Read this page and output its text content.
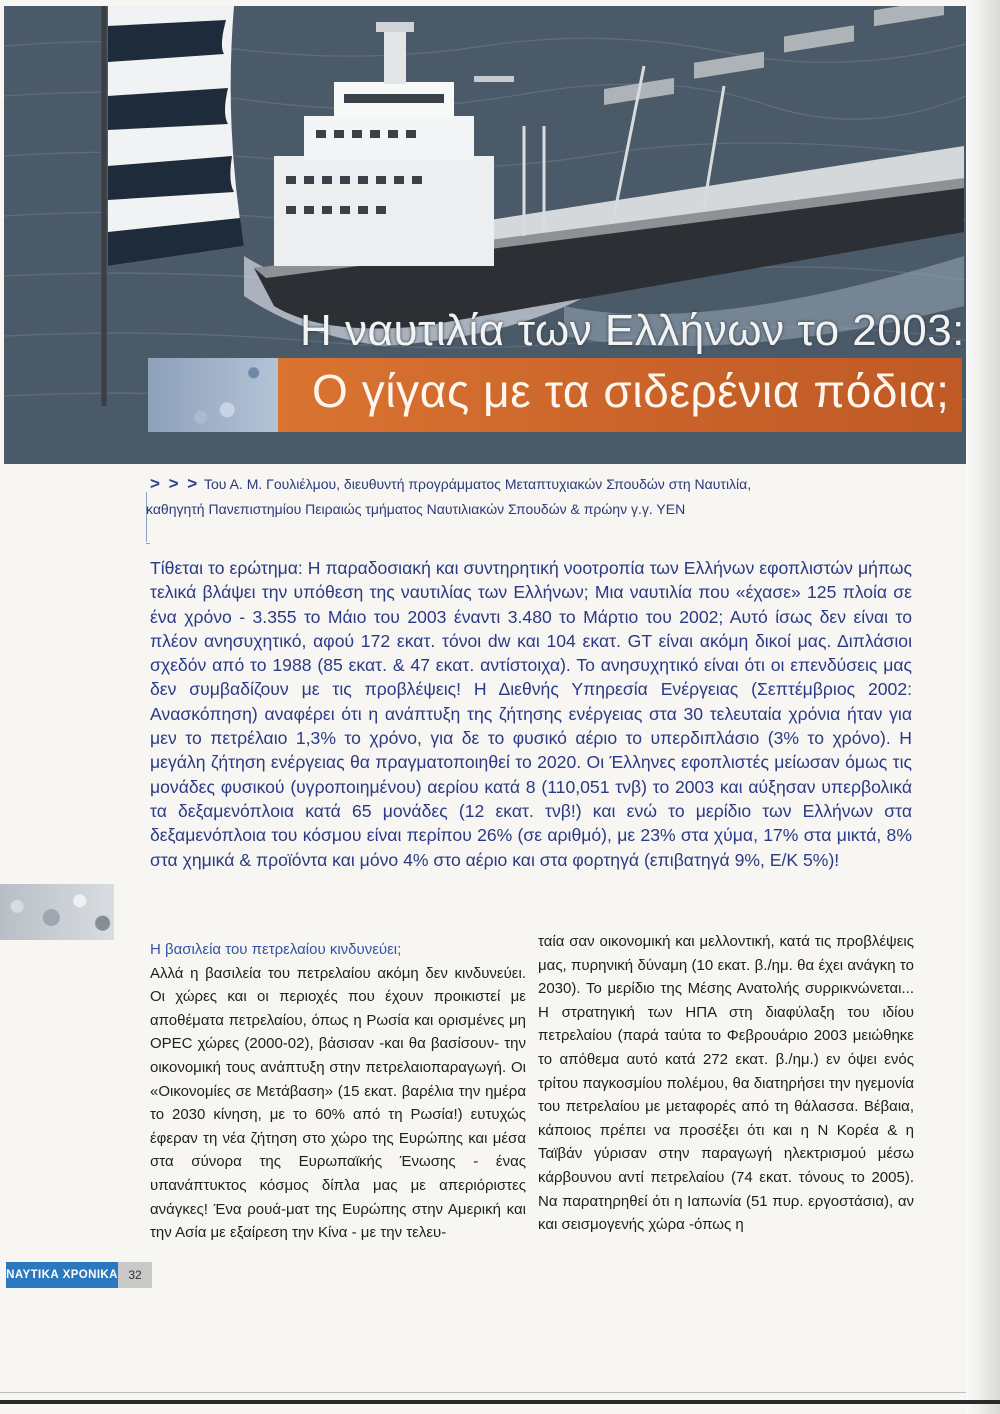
Η ναυτιλία των Ελλήνων το 2003:
Ο γίγας με τα σιδερένια πόδια;
> > > Του Α. Μ. Γουλιέλμου, διευθυντή προγράμματος Μεταπτυχιακών Σπουδών στη Ναυτιλία,
καθηγητή Πανεπιστημίου Πειραιώς τμήματος Ναυτιλιακών Σπουδών & πρώην γ.γ. ΥΕΝ
Τίθεται το ερώτημα: Η παραδοσιακή και συντηρητική νοοτροπία των Ελλήνων εφοπλιστών μήπως τελικά βλάψει την υπόθεση της ναυτιλίας των Ελλήνων; Μια ναυτιλία που «έχασε» 125 πλοία σε ένα χρόνο - 3.355 το Μάιο του 2003 έναντι 3.480 το Μάρτιο του 2002; Αυτό ίσως δεν είναι το πλέον ανησυχητικό, αφού 172 εκατ. τόνοι dw και 104 εκατ. GT είναι ακόμη δικοί μας. Διπλάσιοι σχεδόν από το 1988 (85 εκατ. & 47 εκατ. αντίστοιχα). Το ανησυχητικό είναι ότι οι επενδύσεις μας δεν συμβαδίζουν με τις προβλέψεις! Η Διεθνής Υπηρεσία Ενέργειας (Σεπτέμβριος 2002: Ανασκόπηση) αναφέρει ότι η ανάπτυξη της ζήτησης ενέργειας στα 30 τελευταία χρόνια ήταν για μεν το πετρέλαιο 1,3% το χρόνο, για δε το φυσικό αέριο το υπερδιπλάσιο (3% το χρόνο). Η μεγάλη ζήτηση ενέργειας θα πραγματοποιηθεί το 2020. Οι Έλληνες εφοπλιστές μείωσαν όμως τις μονάδες φυσικού (υγροποιημένου) αερίου κατά 8 (110,051 τνβ) το 2003 και αύξησαν υπερβολικά τα δεξαμενόπλοια κατά 65 μονάδες (12 εκατ. τνβ!) και ενώ το μερίδιο των Ελλήνων στα δεξαμενόπλοια του κόσμου είναι περίπου 26% (σε αριθμό), με 23% στα χύμα, 17% στα μικτά, 8% στα χημικά & προϊόντα και μόνο 4% στο αέριο και στα φορτηγά (επιβατηγά 9%, Ε/Κ 5%)!
Η βασιλεία του πετρελαίου κινδυνεύει;
Αλλά η βασιλεία του πετρελαίου ακόμη δεν κινδυνεύει. Οι χώρες και οι περιοχές που έχουν προικιστεί με αποθέματα πετρελαίου, όπως η Ρωσία και ορισμένες μη OPEC χώρες (2000-02), βάσισαν -και θα βασίσουν- την οικονομική τους ανάπτυξη στην πετρελαιοπαραγωγή. Οι «Οικονομίες σε Μετάβαση» (15 εκατ. βαρέλια την ημέρα το 2030 κίνηση, με το 60% από τη Ρωσία!) ευτυχώς έφεραν τη νέα ζήτηση στο χώρο της Ευρώπης και μέσα στα σύνορα της Ευρωπαϊκής Ένωσης - ένας υπανάπτυκτος κόσμος δίπλα μας με απεριόριστες ανάγκες! Ένα ρουά-ματ της Ευρώπης στην Αμερική και την Ασία με εξαίρεση την Κίνα - με την τελευ-
ταία σαν οικονομική και μελλοντική, κατά τις προβλέψεις μας, πυρηνική δύναμη (10 εκατ. β./ημ. θα έχει ανάγκη το 2030). Το μερίδιο της Μέσης Ανατολής συρρικνώνεται... Η στρατηγική των ΗΠΑ στη διαφύλαξη του ιδίου πετρελαίου (παρά ταύτα το Φεβρουάριο 2003 μειώθηκε το απόθεμα αυτό κατά 272 εκατ. β./ημ.) εν όψει ενός τρίτου παγκοσμίου πολέμου, θα διατηρήσει την ηγεμονία του πετρελαίου με μεταφορές από τη θάλασσα. Βέβαια, κάποιος πρέπει να προσέξει ότι και η Ν Κορέα & η Ταϊβάν γύρισαν στην παραγωγή ηλεκτρισμού μέσω κάρβουνου αντί πετρελαίου (74 εκατ. τόνους το 2005). Να παρατηρηθεί ότι η Ιαπωνία (51 πυρ. εργοστάσια), αν και σεισμογενής χώρα -όπως η
ΝΑΥΤΙΚΑ ΧΡΟΝΙΚΑ 32
